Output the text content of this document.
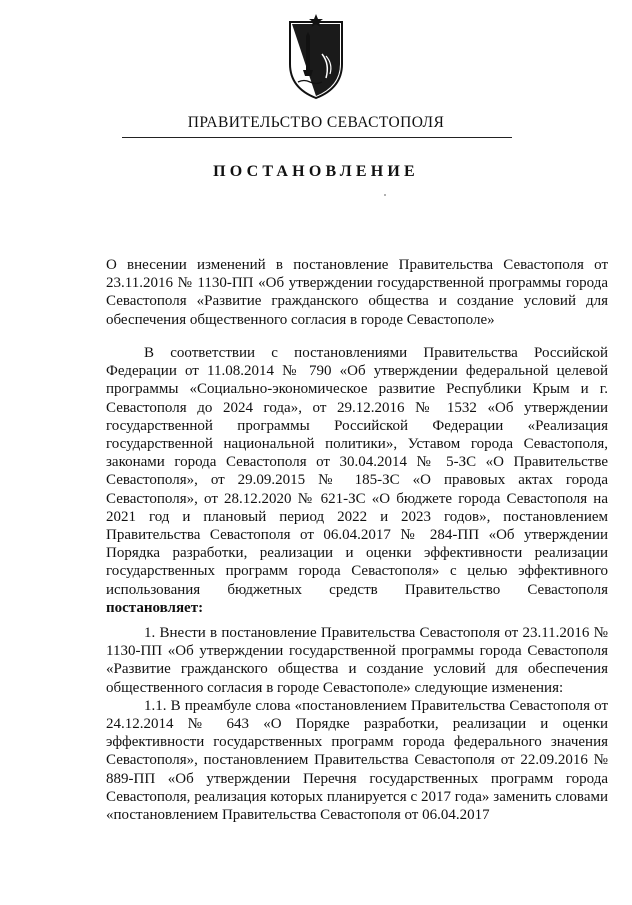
ПРАВИТЕЛЬСТВО СЕВАСТОПОЛЯ
ПОСТАНОВЛЕНИЕ

О внесении изменений в постановление Правительства Севастополя от 23.11.2016 № 1130-ПП «Об утверждении государственной программы города Севастополя «Развитие гражданского общества и создание условий для обеспечения общественного согласия в городе Севастополе»

В соответствии с постановлениями Правительства Российской Федерации от 11.08.2014 № 790 «Об утверждении федеральной целевой программы «Социально-экономическое развитие Республики Крым и г. Севастополя до 2024 года», от 29.12.2016 № 1532 «Об утверждении государственной программы Российской Федерации «Реализация государственной национальной политики», Уставом города Севастополя, законами города Севастополя от 30.04.2014 № 5-ЗС «О Правительстве Севастополя», от 29.09.2015 № 185-ЗС «О правовых актах города Севастополя», от 28.12.2020 № 621-ЗС «О бюджете города Севастополя на 2021 год и плановый период 2022 и 2023 годов», постановлением Правительства Севастополя от 06.04.2017 № 284-ПП «Об утверждении Порядка разработки, реализации и оценки эффективности реализации государственных программ города Севастополя» с целью эффективного использования бюджетных средств Правительство Севастополя постановляет:

1. Внести в постановление Правительства Севастополя от 23.11.2016 № 1130-ПП «Об утверждении государственной программы города Севастополя «Развитие гражданского общества и создание условий для обеспечения общественного согласия в городе Севастополе» следующие изменения:

1.1. В преамбуле слова «постановлением Правительства Севастополя от 24.12.2014 № 643 «О Порядке разработки, реализации и оценки эффективности государственных программ города федерального значения Севастополя», постановлением Правительства Севастополя от 22.09.2016 № 889-ПП «Об утверждении Перечня государственных программ города Севастополя, реализация которых планируется с 2017 года» заменить словами «постановлением Правительства Севастополя от 06.04.2017
